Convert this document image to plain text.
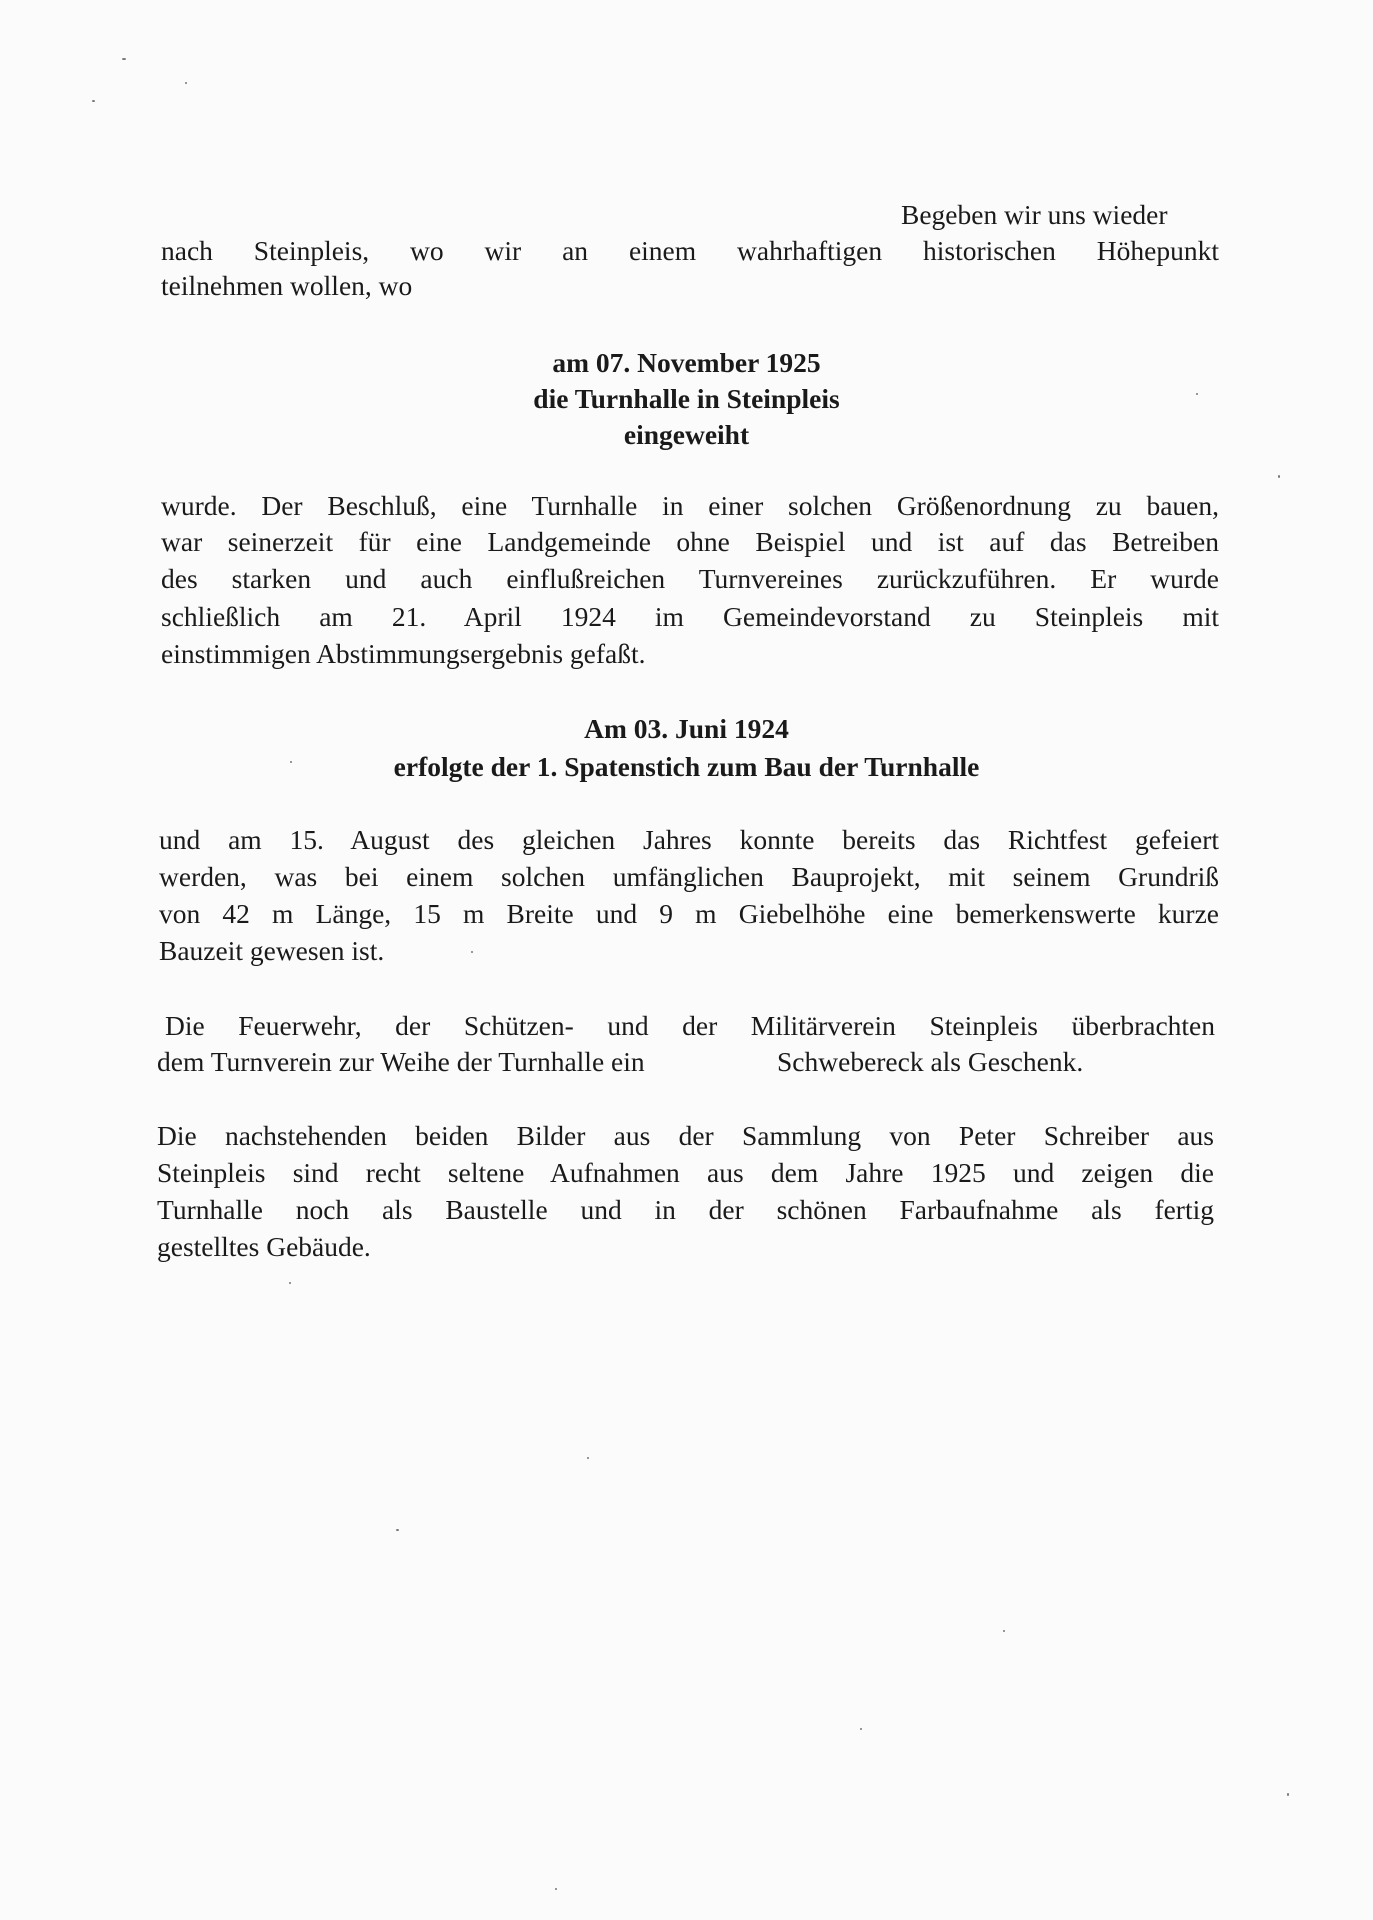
Begeben wir uns wieder
nach Steinpleis, wo wir an einem wahrhaftigen historischen Höhepunkt
teilnehmen wollen, wo
am 07. November 1925
die Turnhalle in Steinpleis
eingeweiht
wurde. Der Beschluß, eine Turnhalle in einer solchen Größenordnung zu bauen,
war seinerzeit für eine Landgemeinde ohne Beispiel und ist auf das Betreiben
des starken und auch einflußreichen Turnvereines zurückzuführen. Er wurde
schließlich am 21. April 1924 im Gemeindevorstand zu Steinpleis mit
einstimmigen Abstimmungsergebnis gefaßt.
Am 03. Juni 1924
erfolgte der 1. Spatenstich zum Bau der Turnhalle
und am 15. August des gleichen Jahres konnte bereits das Richtfest gefeiert
werden, was bei einem solchen umfänglichen Bauprojekt, mit seinem Grundriß
von 42 m Länge, 15 m Breite und 9 m Giebelhöhe eine bemerkenswerte kurze
Bauzeit gewesen ist.
Die Feuerwehr, der Schützen- und der Militärverein Steinpleis überbrachten
dem Turnverein zur Weihe der Turnhalle ein	Schwebereck als Geschenk.
Die nachstehenden beiden Bilder aus der Sammlung von Peter Schreiber aus
Steinpleis sind recht seltene Aufnahmen aus dem Jahre 1925 und zeigen die
Turnhalle noch als Baustelle und in der schönen Farbaufnahme als fertig
gestelltes Gebäude.
